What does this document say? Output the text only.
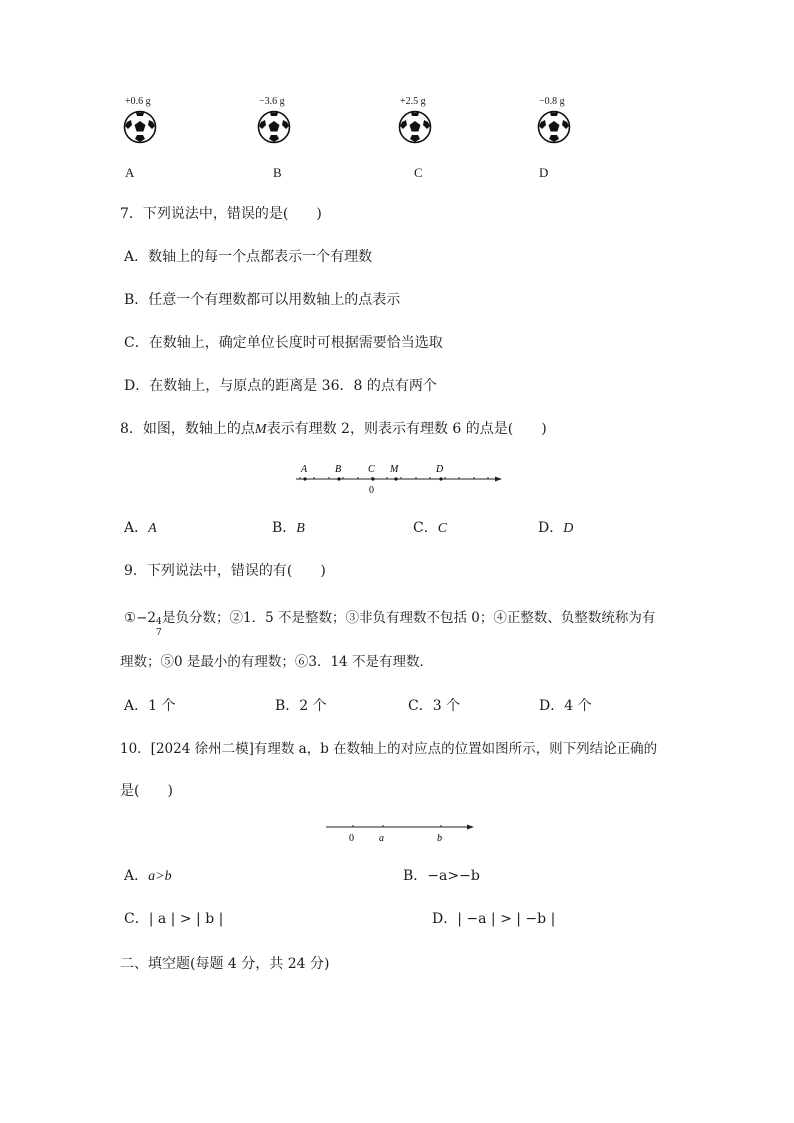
+0.6 g	−3.6 g	+2.5 g	−0.8 g
A	B	C	D
7．下列说法中，错误的是(　　)
A．数轴上的每一个点都表示一个有理数
B．任意一个有理数都可以用数轴上的点表示
C．在数轴上，确定单位长度时可根据需要恰当选取
D．在数轴上，与原点的距离是 36．8 的点有两个
8．如图，数轴上的点M表示有理数 2，则表示有理数 6 的点是(　　)
A	B	C M	D
0
A．A	B．B	C．C	D．D
9．下列说法中，错误的有(　　)
①−2 4
7
是负分数；②1．5 不是整数；③非负有理数不包括 0；④正整数、负整数统称为有
理数；⑤0 是最小的有理数；⑥3．14 不是有理数．
A．1 个	B．2 个	C．3 个	D．4 个
10．[2024 徐州二模]有理数 a，b 在数轴上的对应点的位置如图所示，则下列结论正确的
是(　　)
0	a	b
A．a>b	B．−a>−b
C．| a | > | b |	D．| −a | > | −b |
二、填空题(每题 4 分，共 24 分)
